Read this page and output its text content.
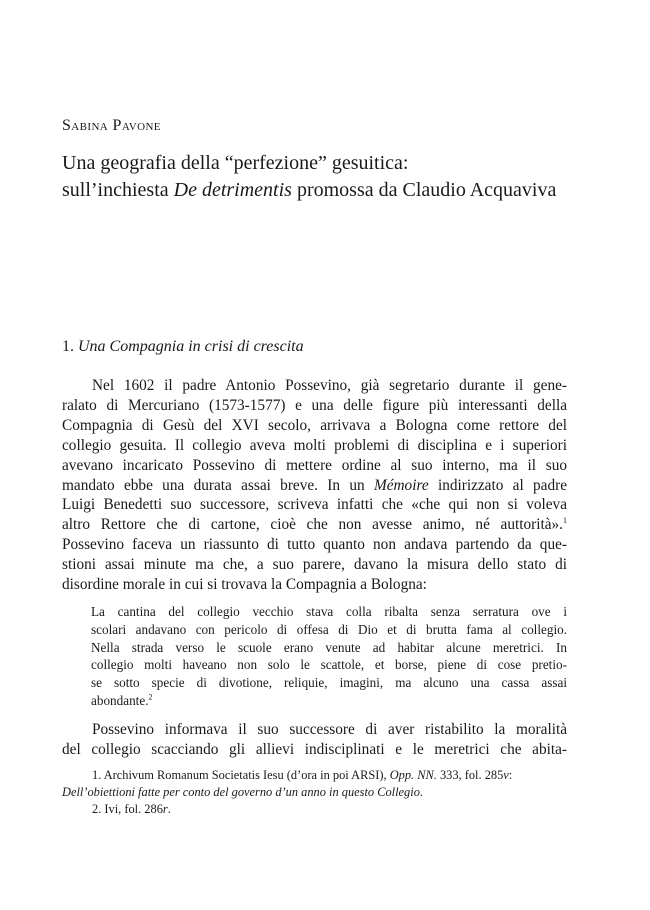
Sabina Pavone
Una geografia della “perfezione” gesuitica:
sull’inchiesta De detrimentis promossa da Claudio Acquaviva
1. Una Compagnia in crisi di crescita
Nel 1602 il padre Antonio Possevino, già segretario durante il gene-
ralato di Mercuriano (1573-1577) e una delle figure più interessanti della
Compagnia di Gesù del XVI secolo, arrivava a Bologna come rettore del
collegio gesuita. Il collegio aveva molti problemi di disciplina e i superiori
avevano incaricato Possevino di mettere ordine al suo interno, ma il suo
mandato ebbe una durata assai breve. In un Mémoire indirizzato al padre
Luigi Benedetti suo successore, scriveva infatti che «che qui non si voleva
altro Rettore che di cartone, cioè che non avesse animo, né auttorità».$^1$
Possevino faceva un riassunto di tutto quanto non andava partendo da que-
stioni assai minute ma che, a suo parere, davano la misura dello stato di
disordine morale in cui si trovava la Compagnia a Bologna:
La cantina del collegio vecchio stava colla ribalta senza serratura ove i
scolari andavano con pericolo di offesa di Dio et di brutta fama al collegio.
Nella strada verso le scuole erano venute ad habitar alcune meretrici. In
collegio molti haveano non solo le scattole, et borse, piene di cose pretio-
se sotto specie di divotione, reliquie, imagini, ma alcuno una cassa assai
abondante.$^2$
Possevino informava il suo successore di aver ristabilito la moralità
del collegio scacciando gli allievi indisciplinati e le meretrici che abita-
1. Archivum Romanum Societatis Iesu (d’ora in poi ARSI), Opp. NN. 333, fol. 285v:
Dell’obiettioni fatte per conto del governo d’un anno in questo Collegio.
2. Ivi, fol. 286r.
